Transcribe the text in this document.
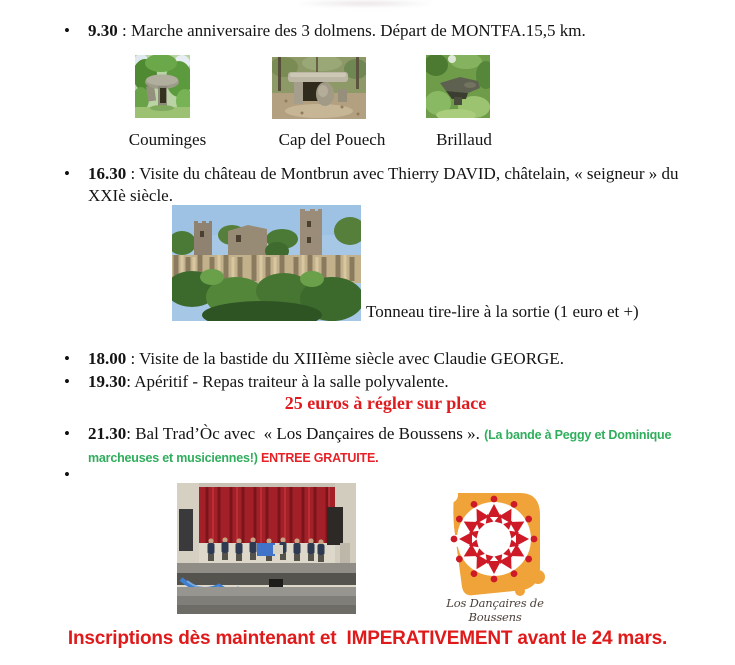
•	9.30 : Marche anniversaire des 3 dolmens. Départ de MONTFA.15,5 km.
Couminges	Cap del Pouech	Brillaud
•	16.30 : Visite du château de Montbrun avec Thierry DAVID, châtelain, « seigneur » du XXIè siècle.
Tonneau tire-lire à la sortie (1 euro et +)
•	18.00 : Visite de la bastide du XIIIème siècle avec Claudie GEORGE.
•	19.30: Apéritif - Repas traiteur à la salle polyvalente.
25 euros à régler sur place
•	21.30: Bal Trad’Òc avec  « Los Dançaires de Boussens ». (La bande à Peggy et Dominique marcheuses et musiciennes!) ENTREE GRATUITE.
•
Los Dançaires de Boussens
Inscriptions dès maintenant et  IMPERATIVEMENT avant le 24 mars.
